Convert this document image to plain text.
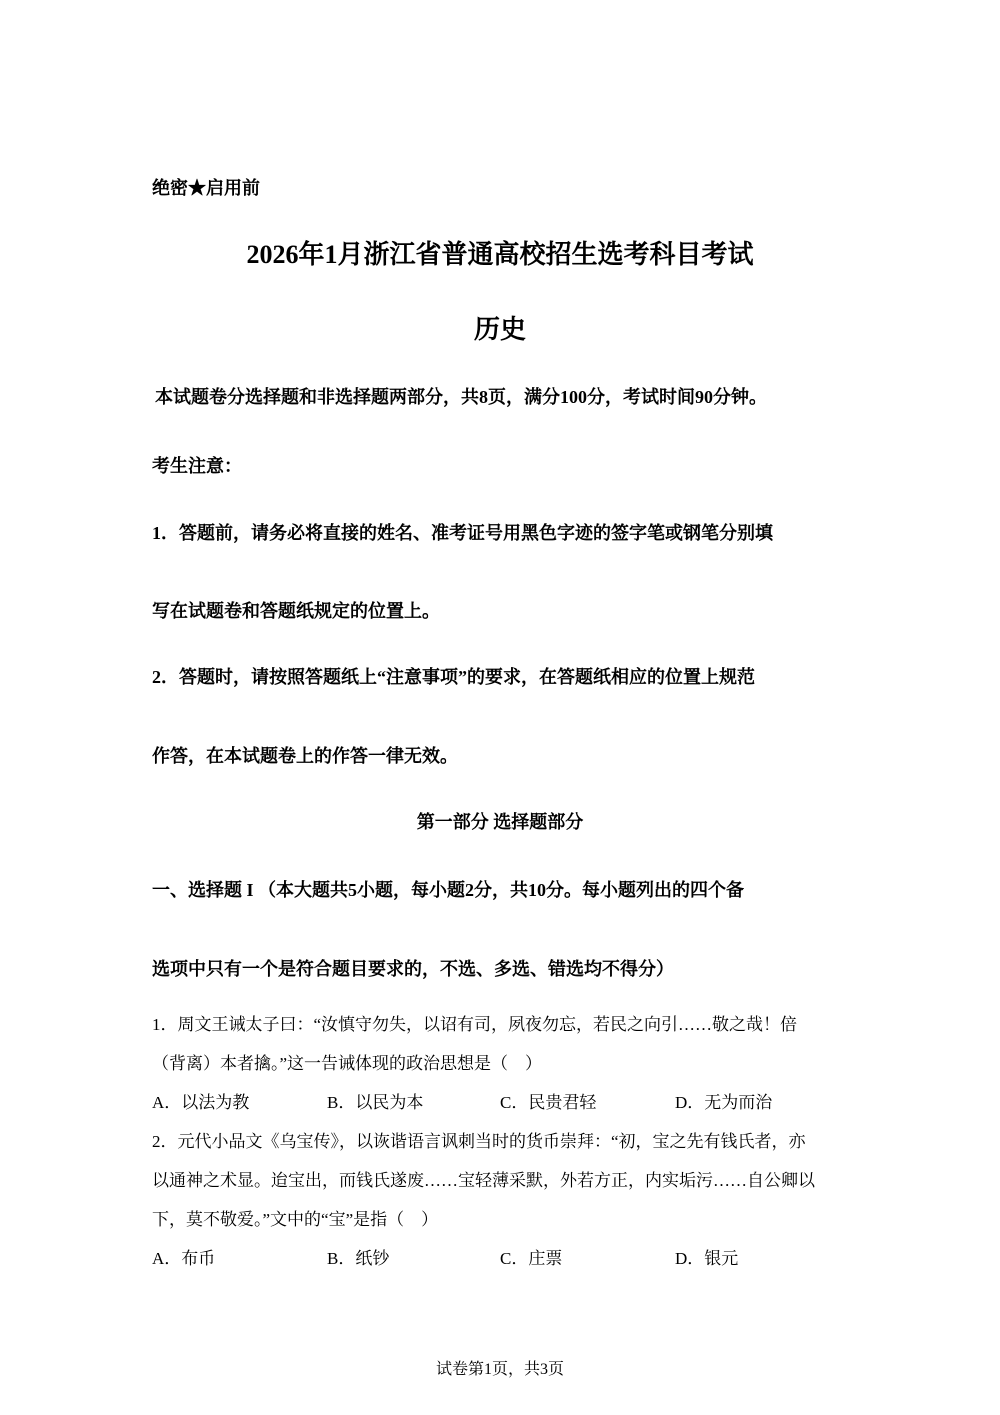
绝密★启用前
2026年1月浙江省普通高校招生选考科目考试
历史
本试题卷分选择题和非选择题两部分，共8页，满分100分，考试时间90分钟。
考生注意：
1．答题前，请务必将直接的姓名、准考证号用黑色字迹的签字笔或钢笔分别填
写在试题卷和答题纸规定的位置上。
2．答题时，请按照答题纸上“注意事项”的要求，在答题纸相应的位置上规范
作答，在本试题卷上的作答一律无效。
第一部分 选择题部分
一、选择题 I （本大题共5小题，每小题2分，共10分。每小题列出的四个备
选项中只有一个是符合题目要求的，不选、多选、错选均不得分）
1．周文王诫太子曰：“汝慎守勿失，以诏有司，夙夜勿忘，若民之向引……敬之哉！倍
（背离）本者擒。”这一告诫体现的政治思想是（　）
A．以法为教	B．以民为本	C．民贵君轻	D．无为而治
2．元代小品文《乌宝传》，以诙谐语言讽刺当时的货币崇拜：“初，宝之先有钱氏者，亦
以通神之术显。迨宝出，而钱氏遂废……宝轻薄采默，外若方正，内实垢污……自公卿以
下，莫不敬爱。”文中的“宝”是指（　）
A．布币	B．纸钞	C．庄票	D．银元
试卷第1页，共3页
